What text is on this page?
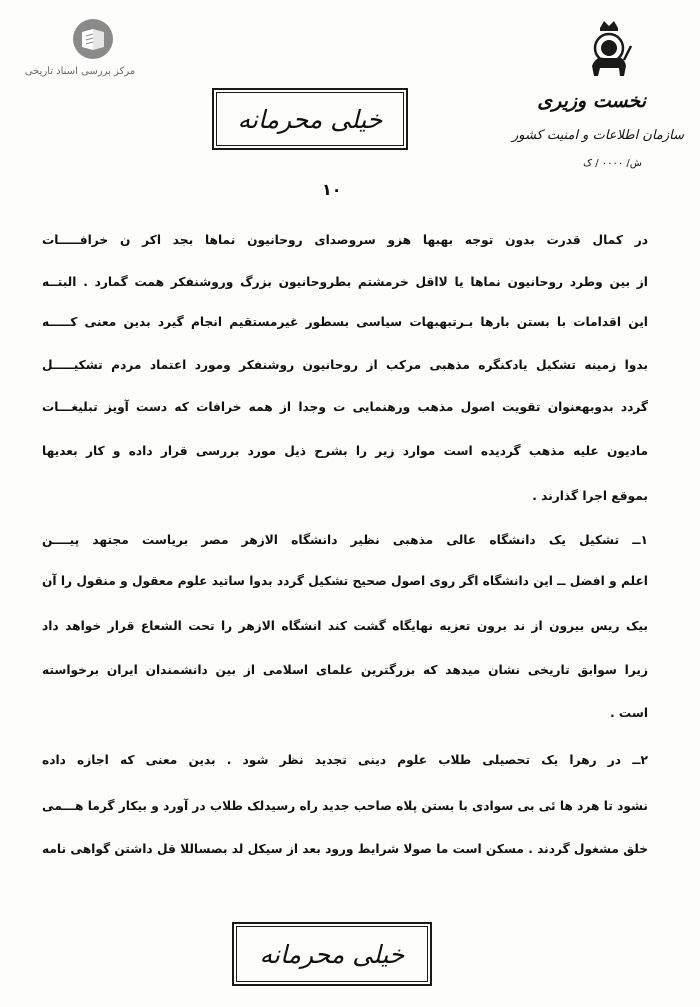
مرکز بررسی اسناد تاریخی
نخست وزیری
سازمان اطلاعات و امنیت کشور
ش/ ۰۰۰۰ / ک
خیلی محرمانه
۱۰
در کمال قدرت بدون توجه بهبها هزو سروصدای روحانیون نماها بجد اکر ن خرافـــــات
از بین وطرد روحانیون نماها یا لااقل خرمشتم بطروحانیون بزرگ وروشنفکر همت گمارد . البتــه
این اقدامات با بستن بارها بـرتبهبهات سیاسی بسطور غیرمستقیم انجام گیرد بدین معنی کـــــه
بدوا زمینه تشکیل یادکنگره مذهبی مرکب از روحانیون روشنفکر ومورد اعتماد مردم تشکیـــــل
گردد بدوبهعنوان تقویت اصول مذهب ورهنمایی ت وجدا از همه خرافات که دست آویز تبلیغـــات
مادیون علیه مذهب گردیده است موارد زیر را بشرح ذیل مورد بررسی قرار داده و کار بعدیها
بموقع اجرا گذارند .
۱ــ تشکیل یک دانشگاه عالی مذهبی نظیر دانشگاه الازهر مصر بریاست مجتهد پیــــن
اعلم و افضل ــ این دانشگاه اگر روی اصول صحیح تشکیل گردد بدوا ساتید علوم معقول و منقول را آن
بیک ریس بیرون از ند برون تعزیه نهایگاه گشت کند انشگاه الازهر را تحت الشعاع قرار خواهد داد
زیرا سوابق تاریخی نشان میدهد که بزرگترین علمای اسلامی از بین دانشمندان ایران برخواسته
است .
۲ــ در رهرا یک تحصیلی طلاب علوم دینی تجدید نظر شود . بدین معنی که اجازه داده
نشود تا هرد ها ئی بی سوادی با بستن پلاه صاحب جدید راه رسیدلک طلاب در آورد و بیکار گرما هـــمی
خلق مشغول گردند . مسکن است ما صولا شرایط ورود بعد از سیکل لد بصساللا قل داشتن گواهی نامه
خیلی محرمانه
